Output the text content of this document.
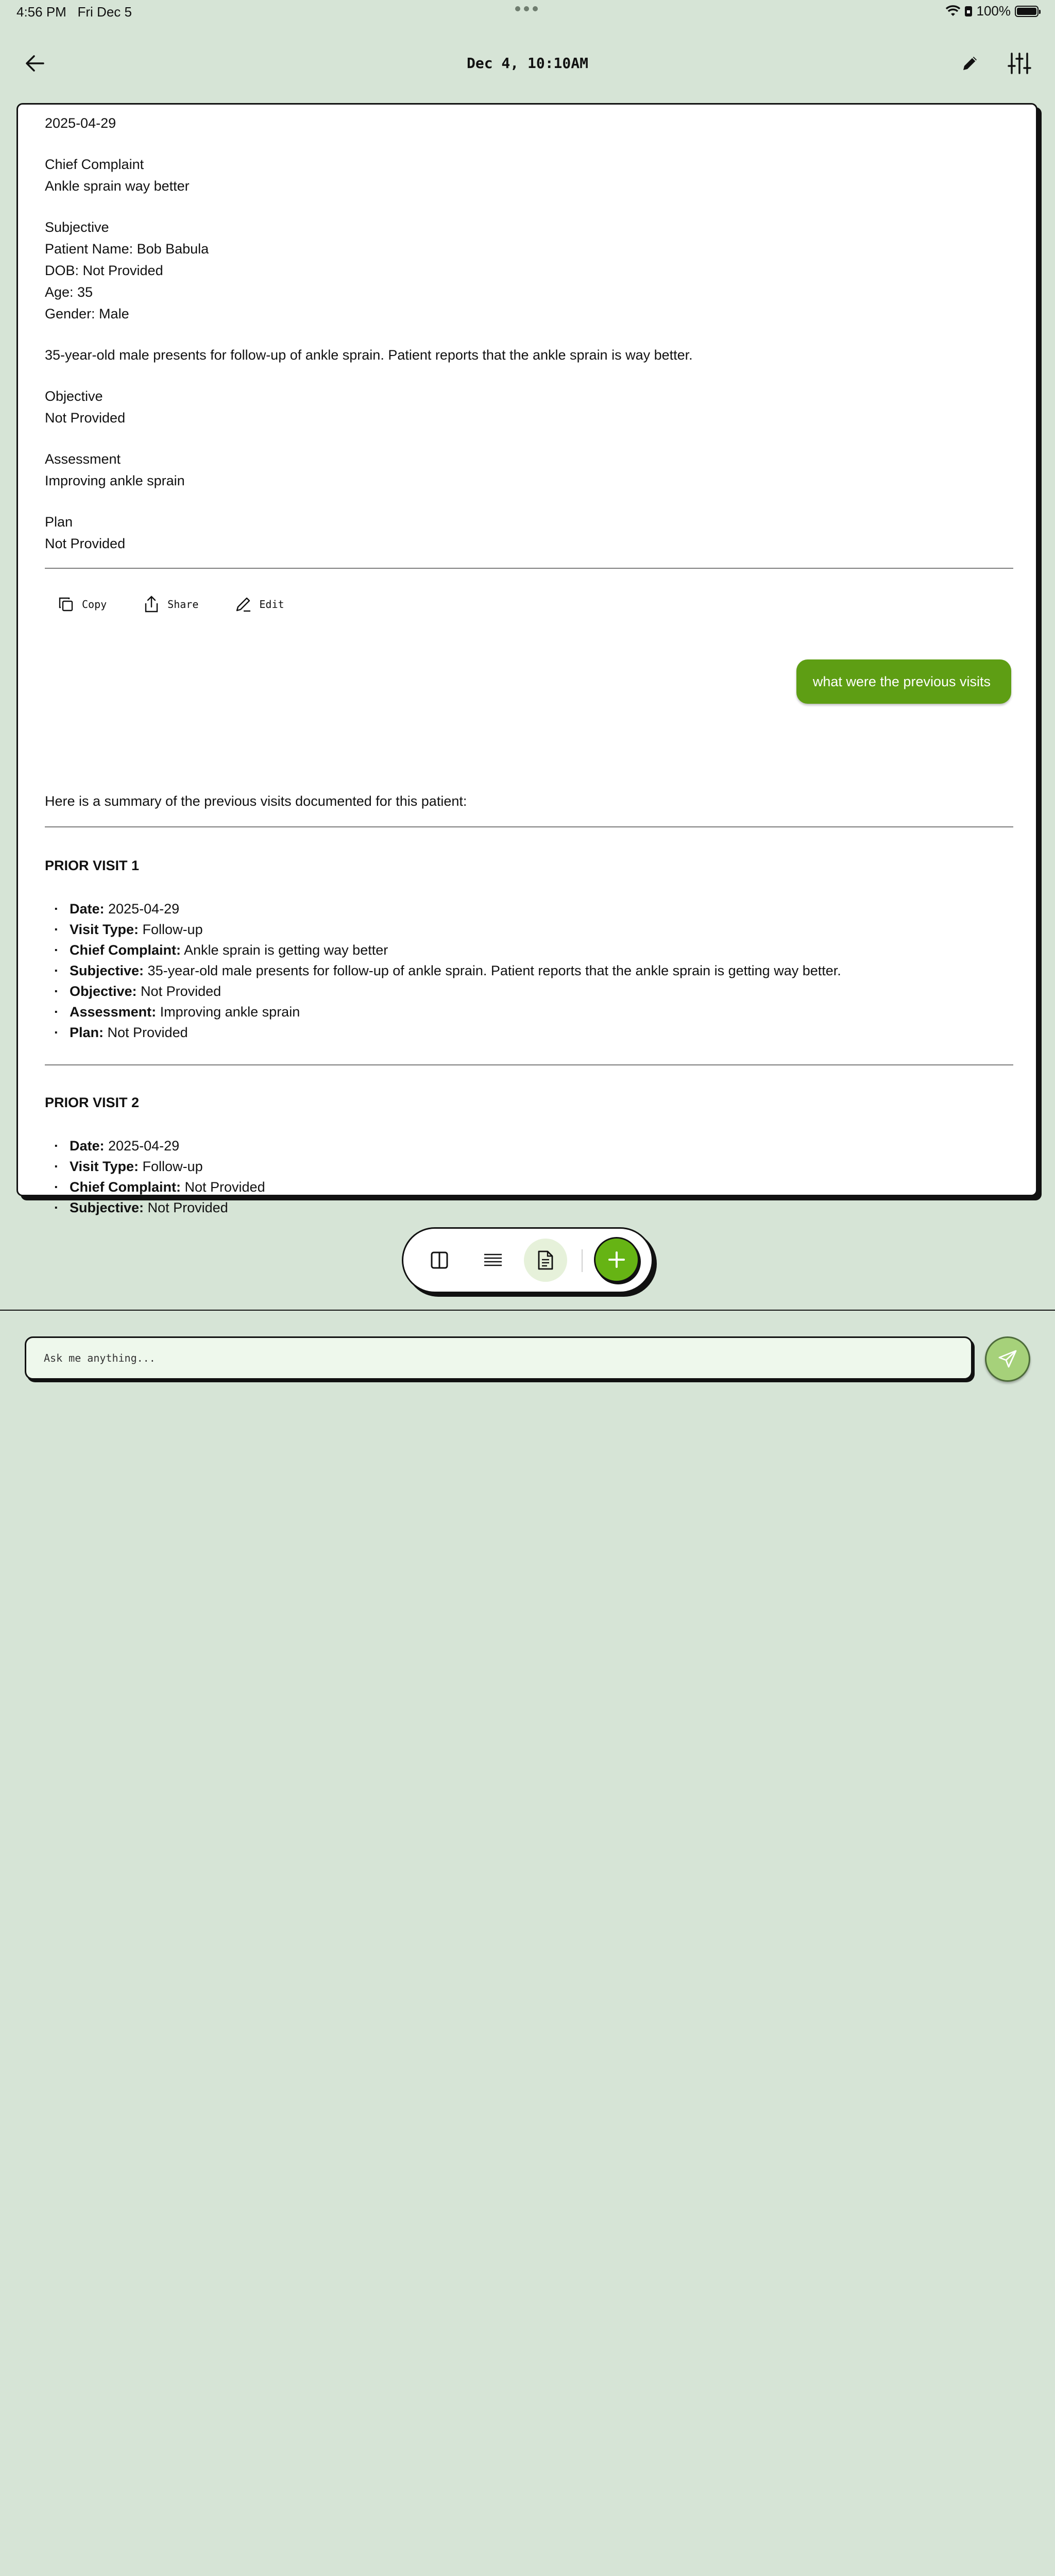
4:56 PM Fri Dec 5	100%
Dec 4, 10:10AM
2025-04-29
Chief Complaint
Ankle sprain way better
Subjective
Patient Name: Bob Babula
DOB: Not Provided
Age: 35
Gender: Male
35-year-old male presents for follow-up of ankle sprain. Patient reports that the ankle sprain is way better.
Objective
Not Provided
Assessment
Improving ankle sprain
Plan
Not Provided
Copy	Share	Edit
Here is a summary of the previous visits documented for this patient:
PRIOR VISIT 1
· Date: 2025-04-29
· Visit Type: Follow-up
· Chief Complaint: Ankle sprain is getting way better
· Subjective: 35-year-old male presents for follow-up of ankle sprain. Patient reports that the ankle sprain is getting way better.
· Objective: Not Provided
· Assessment: Improving ankle sprain
· Plan: Not Provided
PRIOR VISIT 2
· Date: 2025-04-29
· Visit Type: Follow-up
· Chief Complaint: Not Provided
· Subjective: Not Provided
what were the previous visits
Ask me anything...
